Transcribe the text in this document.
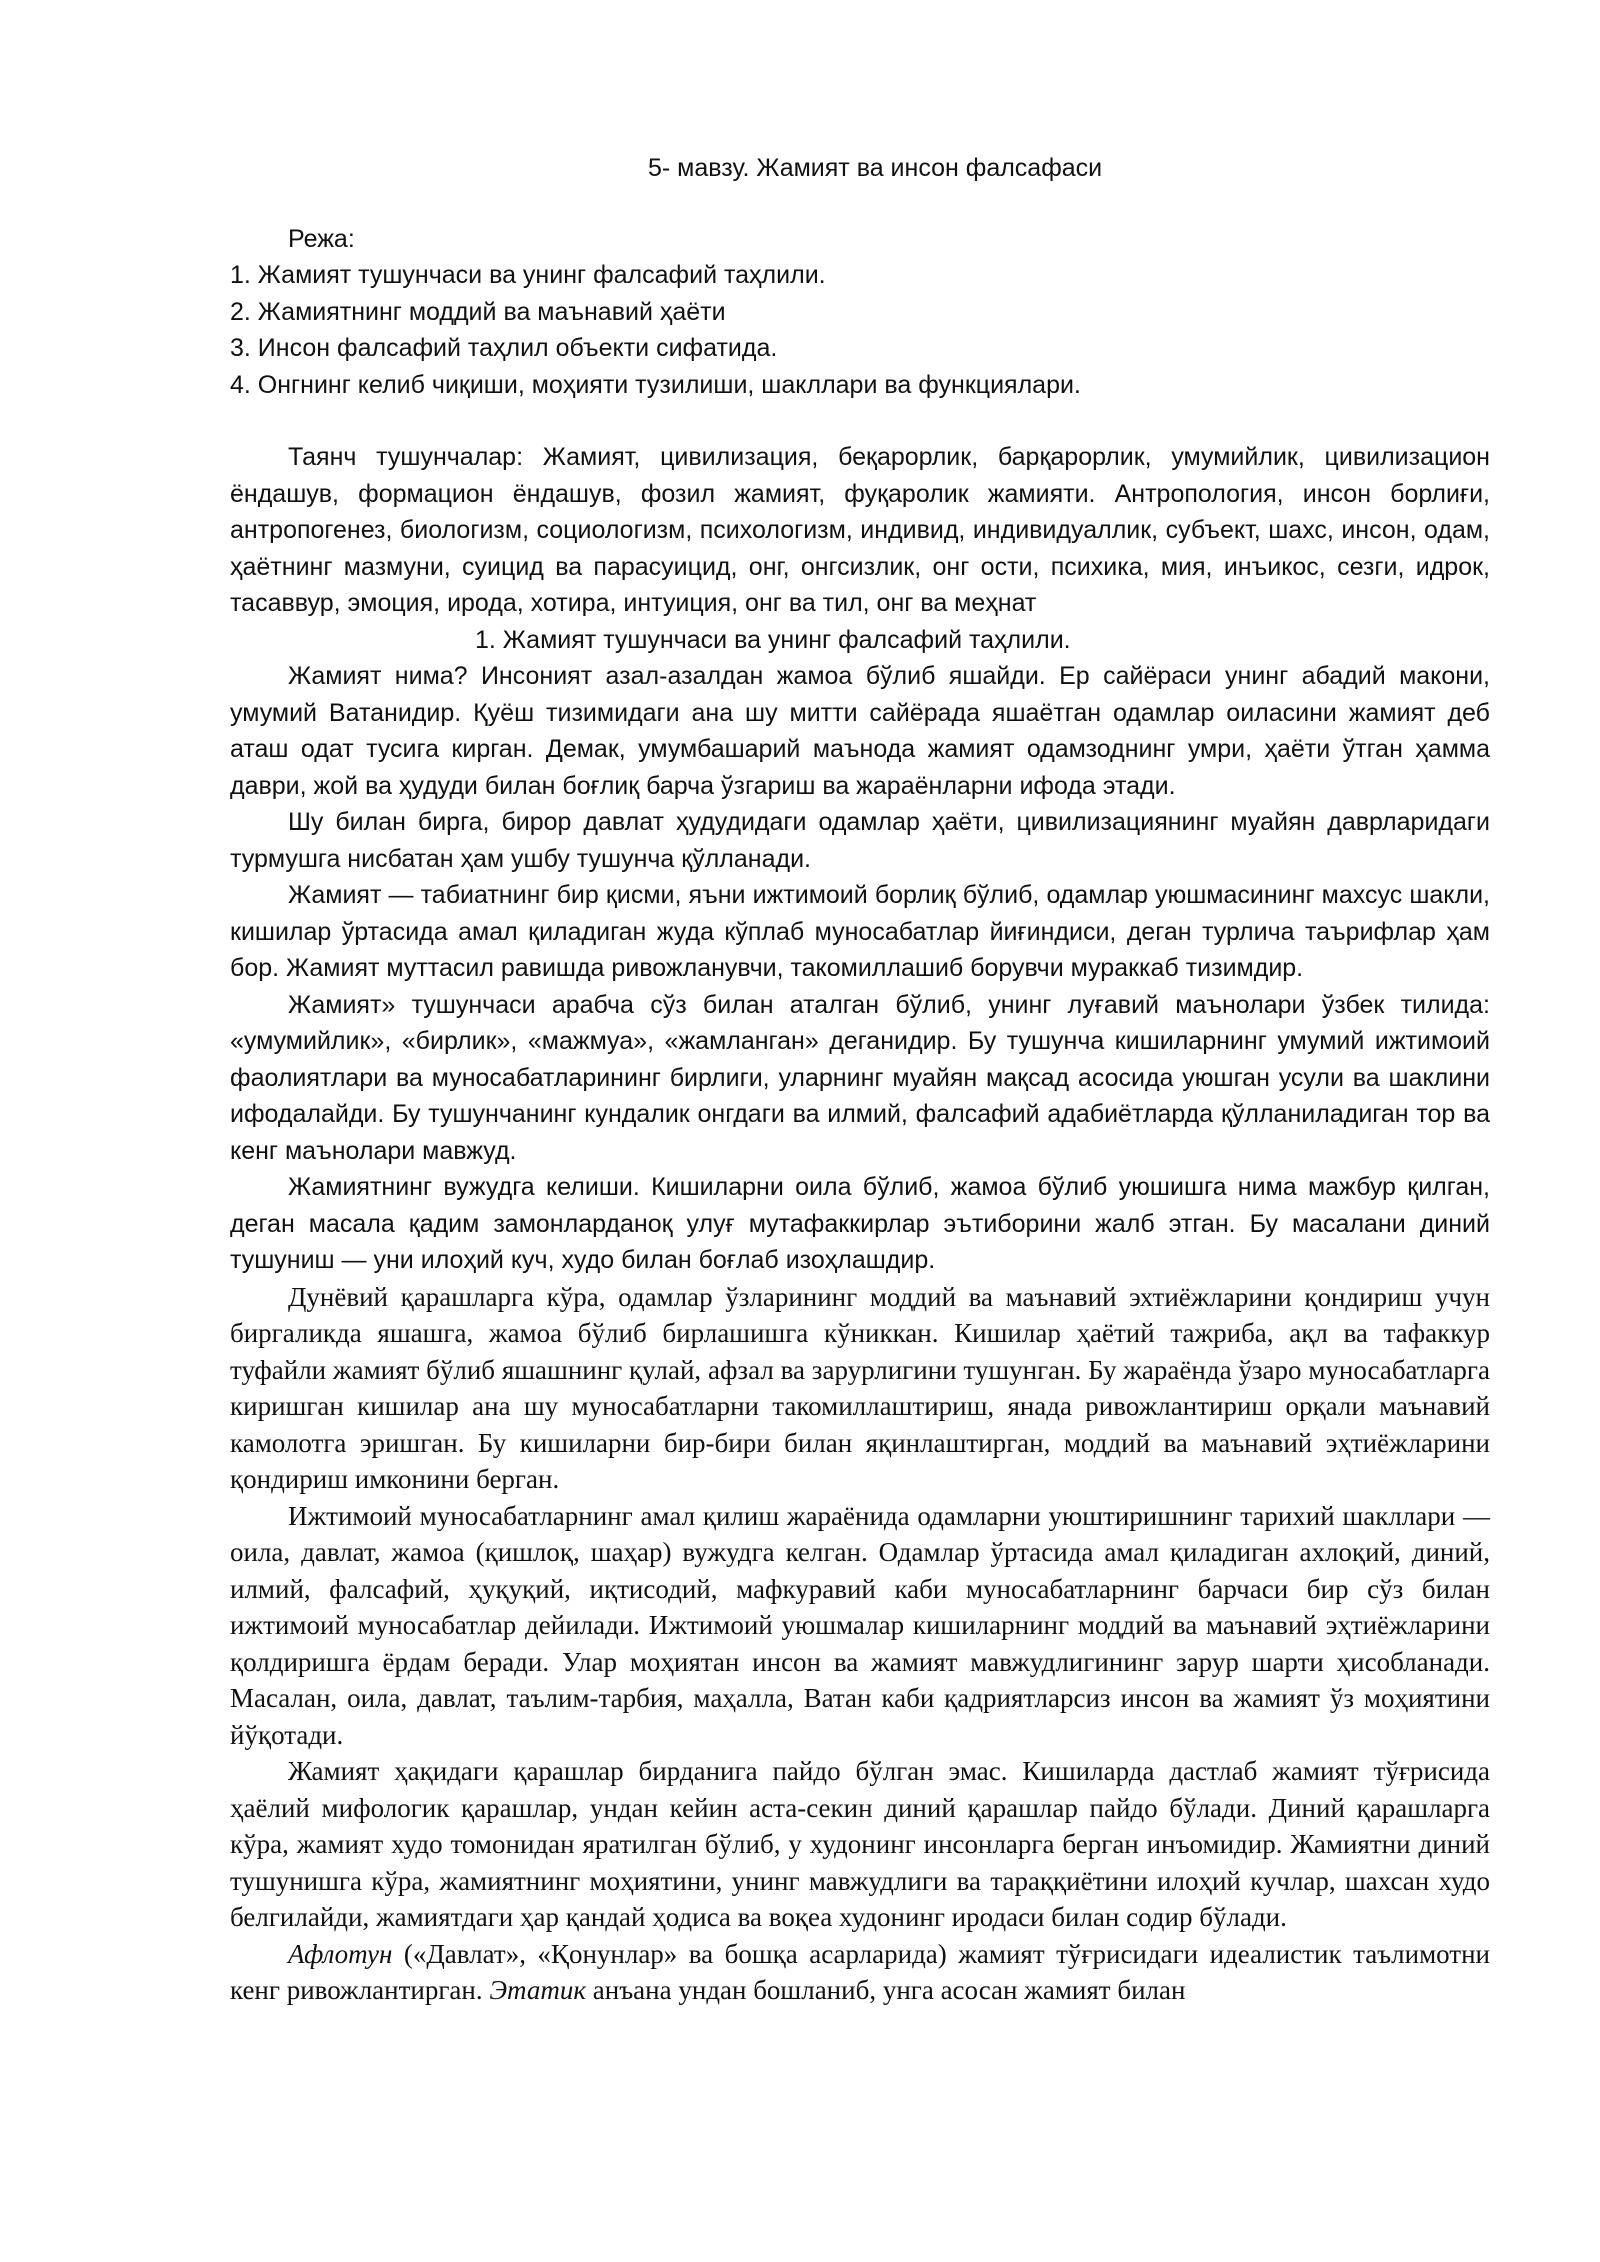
5- мавзу. Жамият ва инсон фалсафаси
Режа:
1. Жамият тушунчаси ва унинг фалсафий таҳлили.
2. Жамиятнинг моддий ва маънавий ҳаёти
3. Инсон фалсафий таҳлил объекти сифатида.
4. Онгнинг келиб чиқиши, моҳияти тузилиши, шакллари ва функциялари.

Таянч тушунчалар: Жамият, цивилизация, беқарорлик, барқарорлик, умумийлик, цивилизацион ёндашув, формацион ёндашув, фозил жамият, фуқаролик жамияти. Антропология, инсон борлиғи, антропогенез, биологизм, социологизм, психологизм, индивид, индивидуаллик, субъект, шахс, инсон, одам, ҳаётнинг мазмуни, суицид ва парасуицид, онг, онгсизлик, онг ости, психика, мия, инъикос, сезги, идрок, тасаввур, эмоция, ирода, хотира, интуиция, онг ва тил, онг ва меҳнат

1. Жамият тушунчаси ва унинг фалсафий таҳлили.

Жамият нима? Инсоният азал-азалдан жамоа бўлиб яшайди. Ер сайёраси унинг абадий макони, умумий Ватанидир. Қуёш тизимидаги ана шу митти сайёрада яшаётган одамлар оиласини жамият деб аташ одат тусига кирган. Демак, умумбашарий маънода жамият одамзоднинг умри, ҳаёти ўтган ҳамма даври, жой ва ҳудуди билан боғлиқ барча ўзгариш ва жараёнларни ифода этади.

Шу билан бирга, бирор давлат ҳудудидаги одамлар ҳаёти, цивилизациянинг муайян даврларидаги турмушга нисбатан ҳам ушбу тушунча қўлланади.

Жамият — табиатнинг бир қисми, яъни ижтимоий борлиқ бўлиб, одамлар уюшмасининг махсус шакли, кишилар ўртасида амал қиладиган жуда кўплаб муносабатлар йиғиндиси, деган турлича таърифлар ҳам бор. Жамият муттасил равишда ривожланувчи, такомиллашиб борувчи мураккаб тизимдир.

Жамият» тушунчаси арабча сўз билан аталган бўлиб, унинг луғавий маънолари ўзбек тилида: «умумийлик», «бирлик», «мажмуа», «жамланган» деганидир. Бу тушунча кишиларнинг умумий ижтимоий фаолиятлари ва муносабатларининг бирлиги, уларнинг муайян мақсад асосида уюшган усули ва шаклини ифодалайди. Бу тушунчанинг кундалик онгдаги ва илмий, фалсафий адабиётларда қўлланиладиган тор ва кенг маънолари мавжуд.

Жамиятнинг вужудга келиши. Кишиларни оила бўлиб, жамоа бўлиб уюшишга нима мажбур қилган, деган масала қадим замонларданоқ улуғ мутафаккирлар эътиборини жалб этган. Бу масалани диний тушуниш — уни илоҳий куч, худо билан боғлаб изоҳлашдир.

Дунёвий қарашларга кўра, одамлар ўзларининг моддий ва маънавий эхтиёжларини қондириш учун биргаликда яшашга, жамоа бўлиб бирлашишга кўниккан. Кишилар ҳаётий тажриба, ақл ва тафаккур туфайли жамият бўлиб яшашнинг қулай, афзал ва зарурлигини тушунган. Бу жараёнда ўзаро муносабатларга киришган кишилар ана шу муносабатларни такомиллаштириш, янада ривожлантириш орқали маънавий камолотга эришган. Бу кишиларни бир-бири билан яқинлаштирган, моддий ва маънавий эҳтиёжларини қондириш имконини берган.

Ижтимоий муносабатларнинг амал қилиш жараёнида одамларни уюштиришнинг тарихий шакллари — оила, давлат, жамоа (қишлоқ, шаҳар) вужудга келган. Одамлар ўртасида амал қиладиган ахлоқий, диний, илмий, фалсафий, ҳуқуқий, иқтисодий, мафкуравий каби муносабатларнинг барчаси бир сўз билан ижтимоий муносабатлар дейилади. Ижтимоий уюшмалар кишиларнинг моддий ва маънавий эҳтиёжларини қолдиришга ёрдам беради. Улар моҳиятан инсон ва жамият мавжудлигининг зарур шарти ҳисобланади. Масалан, оила, давлат, таълим-тарбия, маҳалла, Ватан каби қадриятларсиз инсон ва жамият ўз моҳиятини йўқотади.

Жамият ҳақидаги қарашлар бирданига пайдо бўлган эмас. Кишиларда дастлаб жамият тўғрисида ҳаёлий мифологик қарашлар, ундан кейин аста-секин диний қарашлар пайдо бўлади. Диний қарашларга кўра, жамият худо томонидан яратилган бўлиб, у худонинг инсонларга берган инъомидир. Жамиятни диний тушунишга кўра, жамиятнинг моҳиятини, унинг мавжудлиги ва тараққиётини илоҳий кучлар, шахсан худо белгилайди, жамиятдаги ҳар қандай ҳодиса ва воқеа худонинг иродаси билан содир бўлади.

Афлотун («Давлат», «Қонунлар» ва бошқа асарларида) жамият тўғрисидаги идеалистик таълимотни кенг ривожлантирган. Этатик анъана ундан бошланиб, унга асосан жамият билан
